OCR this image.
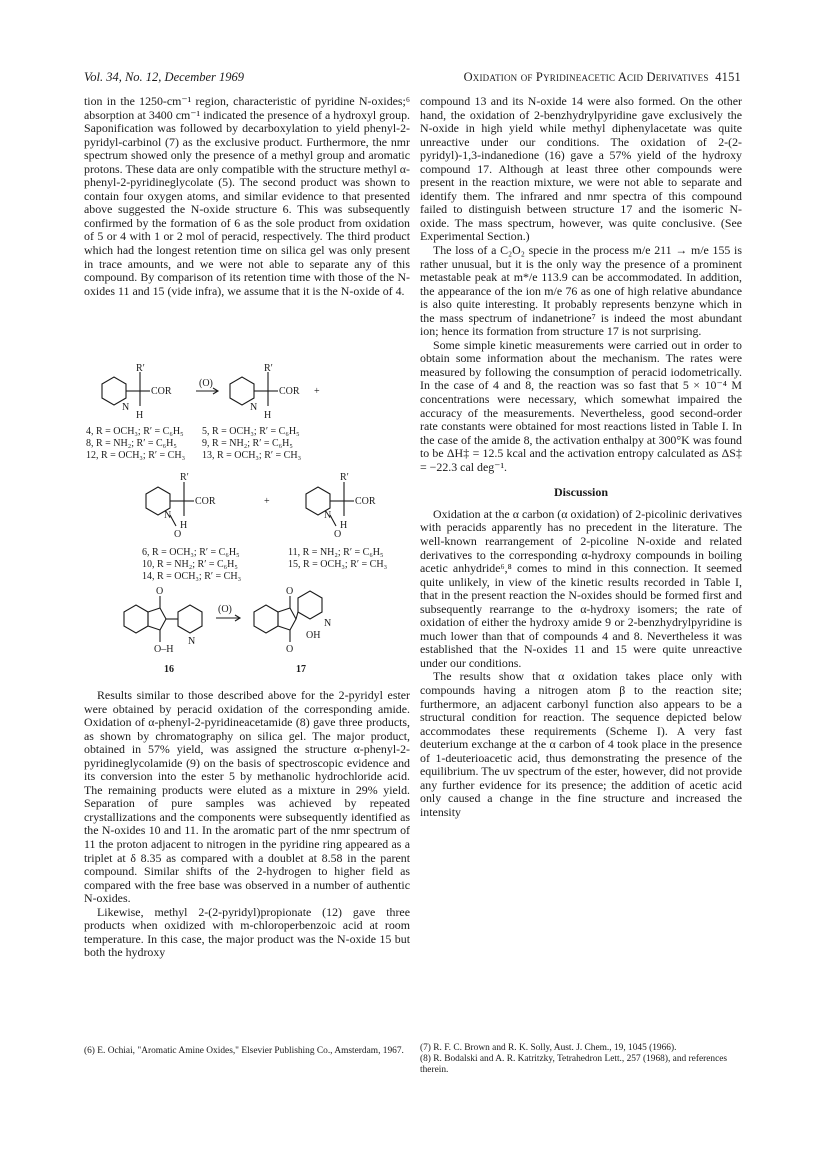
Vol. 34, No. 12, December 1969	Oxidation of Pyridineacetic Acid Derivatives 4151

tion in the 1250-cm⁻¹ region, characteristic of pyridine N-oxides;⁶ absorption at 3400 cm⁻¹ indicated the presence of a hydroxyl group. Saponification was followed by decarboxylation to yield phenyl-2-pyridyl-carbinol (7) as the exclusive product. Furthermore, the nmr spectrum showed only the presence of a methyl group and aromatic protons. These data are only compatible with the structure methyl α-phenyl-2-pyridineglycolate (5). The second product was shown to contain four oxygen atoms, and similar evidence to that presented above suggested the N-oxide structure 6. This was subsequently confirmed by the formation of 6 as the sole product from oxidation of 5 or 4 with 1 or 2 mol of peracid, respectively. The third product which had the longest retention time on silica gel was only present in trace amounts, and we were not able to separate any of this compound. By comparison of its retention time with those of the N-oxides 11 and 15 (vide infra), we assume that it is the N-oxide of 4.

R′
COR
H
N
(O)
R′
COR
H
N
+
4, R = OCH₃; R′ = C₆H₅
8, R = NH₂; R′ = C₆H₅
12, R = OCH₃; R′ = CH₃
5, R = OCH₃; R′ = C₆H₅
9, R = NH₂; R′ = C₆H₅
13, R = OCH₃; R′ = CH₃
R′
COR
H
N
O
+
R′
COR
H
N
O
6, R = OCH₃; R′ = C₆H₅
10, R = NH₂; R′ = C₆H₅
14, R = OCH₃; R′ = CH₃
11, R = NH₂; R′ = C₆H₅
15, R = OCH₃; R′ = CH₃
O
O–H
N
(O)
O
O
N
OH
16	17

Results similar to those described above for the 2-pyridyl ester were obtained by peracid oxidation of the corresponding amide. Oxidation of α-phenyl-2-pyridineacetamide (8) gave three products, as shown by chromatography on silica gel. The major product, obtained in 57% yield, was assigned the structure α-phenyl-2-pyridineglycolamide (9) on the basis of spectroscopic evidence and its conversion into the ester 5 by methanolic hydrochloride acid. The remaining products were eluted as a mixture in 29% yield. Separation of pure samples was achieved by repeated crystallizations and the components were subsequently identified as the N-oxides 10 and 11. In the aromatic part of the nmr spectrum of 11 the proton adjacent to nitrogen in the pyridine ring appeared as a triplet at δ 8.35 as compared with a doublet at 8.58 in the parent compound. Similar shifts of the 2-hydrogen to higher field as compared with the free base was observed in a number of authentic N-oxides.

Likewise, methyl 2-(2-pyridyl)propionate (12) gave three products when oxidized with m-chloroperbenzoic acid at room temperature. In this case, the major product was the N-oxide 15 but both the hydroxy

(6) E. Ochiai, "Aromatic Amine Oxides," Elsevier Publishing Co., Amsterdam, 1967.

compound 13 and its N-oxide 14 were also formed. On the other hand, the oxidation of 2-benzhydrylpyridine gave exclusively the N-oxide in high yield while methyl diphenylacetate was quite unreactive under our conditions. The oxidation of 2-(2-pyridyl)-1,3-indanedione (16) gave a 57% yield of the hydroxy compound 17. Although at least three other compounds were present in the reaction mixture, we were not able to separate and identify them. The infrared and nmr spectra of this compound failed to distinguish between structure 17 and the isomeric N-oxide. The mass spectrum, however, was quite conclusive. (See Experimental Section.)

The loss of a C₂O₂ specie in the process m/e 211 → m/e 155 is rather unusual, but it is the only way the presence of a prominent metastable peak at m*/e 113.9 can be accommodated. In addition, the appearance of the ion m/e 76 as one of high relative abundance is also quite interesting. It probably represents benzyne which in the mass spectrum of indanetrione⁷ is indeed the most abundant ion; hence its formation from structure 17 is not surprising.

Some simple kinetic measurements were carried out in order to obtain some information about the mechanism. The rates were measured by following the consumption of peracid iodometrically. In the case of 4 and 8, the reaction was so fast that 5 × 10⁻⁴ M concentrations were necessary, which somewhat impaired the accuracy of the measurements. Nevertheless, good second-order rate constants were obtained for most reactions listed in Table I. In the case of the amide 8, the activation enthalpy at 300°K was found to be ΔH‡ = 12.5 kcal and the activation entropy calculated as ΔS‡ = −22.3 cal deg⁻¹.

Discussion

Oxidation at the α carbon (α oxidation) of 2-picolinic derivatives with peracids apparently has no precedent in the literature. The well-known rearrangement of 2-picoline N-oxide and related derivatives to the corresponding α-hydroxy compounds in boiling acetic anhydride⁶,⁸ comes to mind in this connection. It seemed quite unlikely, in view of the kinetic results recorded in Table I, that in the present reaction the N-oxides should be formed first and subsequently rearrange to the α-hydroxy isomers; the rate of oxidation of either the hydroxy amide 9 or 2-benzhydrylpyridine is much lower than that of compounds 4 and 8. Nevertheless it was established that the N-oxides 11 and 15 were quite unreactive under our conditions.

The results show that α oxidation takes place only with compounds having a nitrogen atom β to the reaction site; furthermore, an adjacent carbonyl function also appears to be a structural condition for reaction. The sequence depicted below accommodates these requirements (Scheme I). A very fast deuterium exchange at the α carbon of 4 took place in the presence of 1-deuterioacetic acid, thus demonstrating the presence of the equilibrium. The uv spectrum of the ester, however, did not provide any further evidence for its presence; the addition of acetic acid only caused a change in the fine structure and increased the intensity

(7) R. F. C. Brown and R. K. Solly, Aust. J. Chem., 19, 1045 (1966).
(8) R. Bodalski and A. R. Katritzky, Tetrahedron Lett., 257 (1968), and references therein.
